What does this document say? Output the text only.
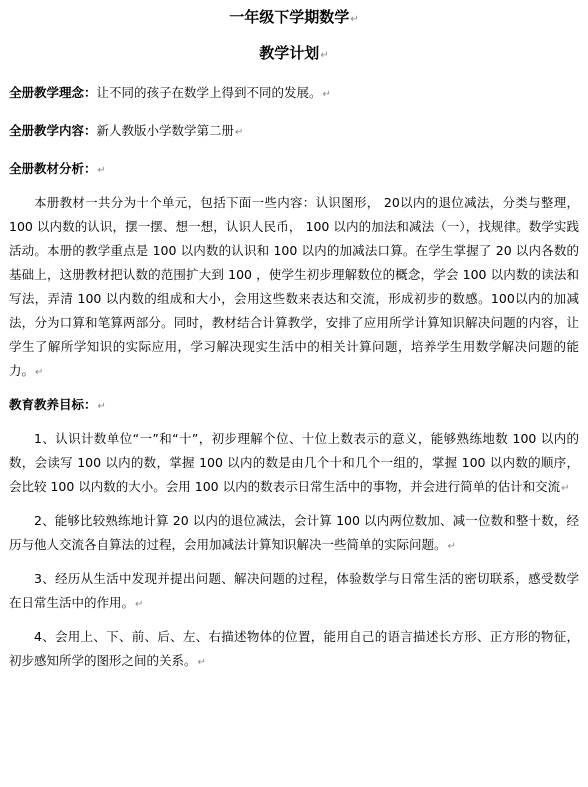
一年级下学期数学↵
教学计划↵
全册教学理念：让不同的孩子在数学上得到不同的发展。↵
全册教学内容：新人教版小学数学第二册↵
全册教材分析：↵
本册教材一共分为十个单元，包括下面一些内容：认识图形， 20以内的退位减法，分类与整理，100 以内数的认识，摆一摆、想一想，认识人民币， 100 以内的加法和减法（一），找规律。数学实践活动。本册的教学重点是 100 以内数的认识和 100 以内的加减法口算。在学生掌握了 20 以内各数的基础上，这册教材把认数的范围扩大到 100 ，使学生初步理解数位的概念，学会 100 以内数的读法和写法，弄清 100 以内数的组成和大小，会用这些数来表达和交流，形成初步的数感。100以内的加减法，分为口算和笔算两部分。同时，教材结合计算教学，安排了应用所学计算知识解决问题的内容，让学生了解所学知识的实际应用，学习解决现实生活中的相关计算问题，培养学生用数学解决问题的能力。↵
教育教养目标：↵
1、认识计数单位“一”和“十”，初步理解个位、十位上数表示的意义，能够熟练地数 100 以内的数，会读写 100 以内的数，掌握 100 以内的数是由几个十和几个一组的，掌握 100 以内数的顺序，会比较 100 以内数的大小。会用 100 以内的数表示日常生活中的事物，并会进行简单的估计和交流↵
2、能够比较熟练地计算 20 以内的退位减法，会计算 100 以内两位数加、减一位数和整十数，经历与他人交流各自算法的过程，会用加减法计算知识解决一些简单的实际问题。↵
3、经历从生活中发现并提出问题、解决问题的过程，体验数学与日常生活的密切联系，感受数学在日常生活中的作用。↵
4、会用上、下、前、后、左、右描述物体的位置，能用自己的语言描述长方形、正方形的物征，初步感知所学的图形之间的关系。↵
